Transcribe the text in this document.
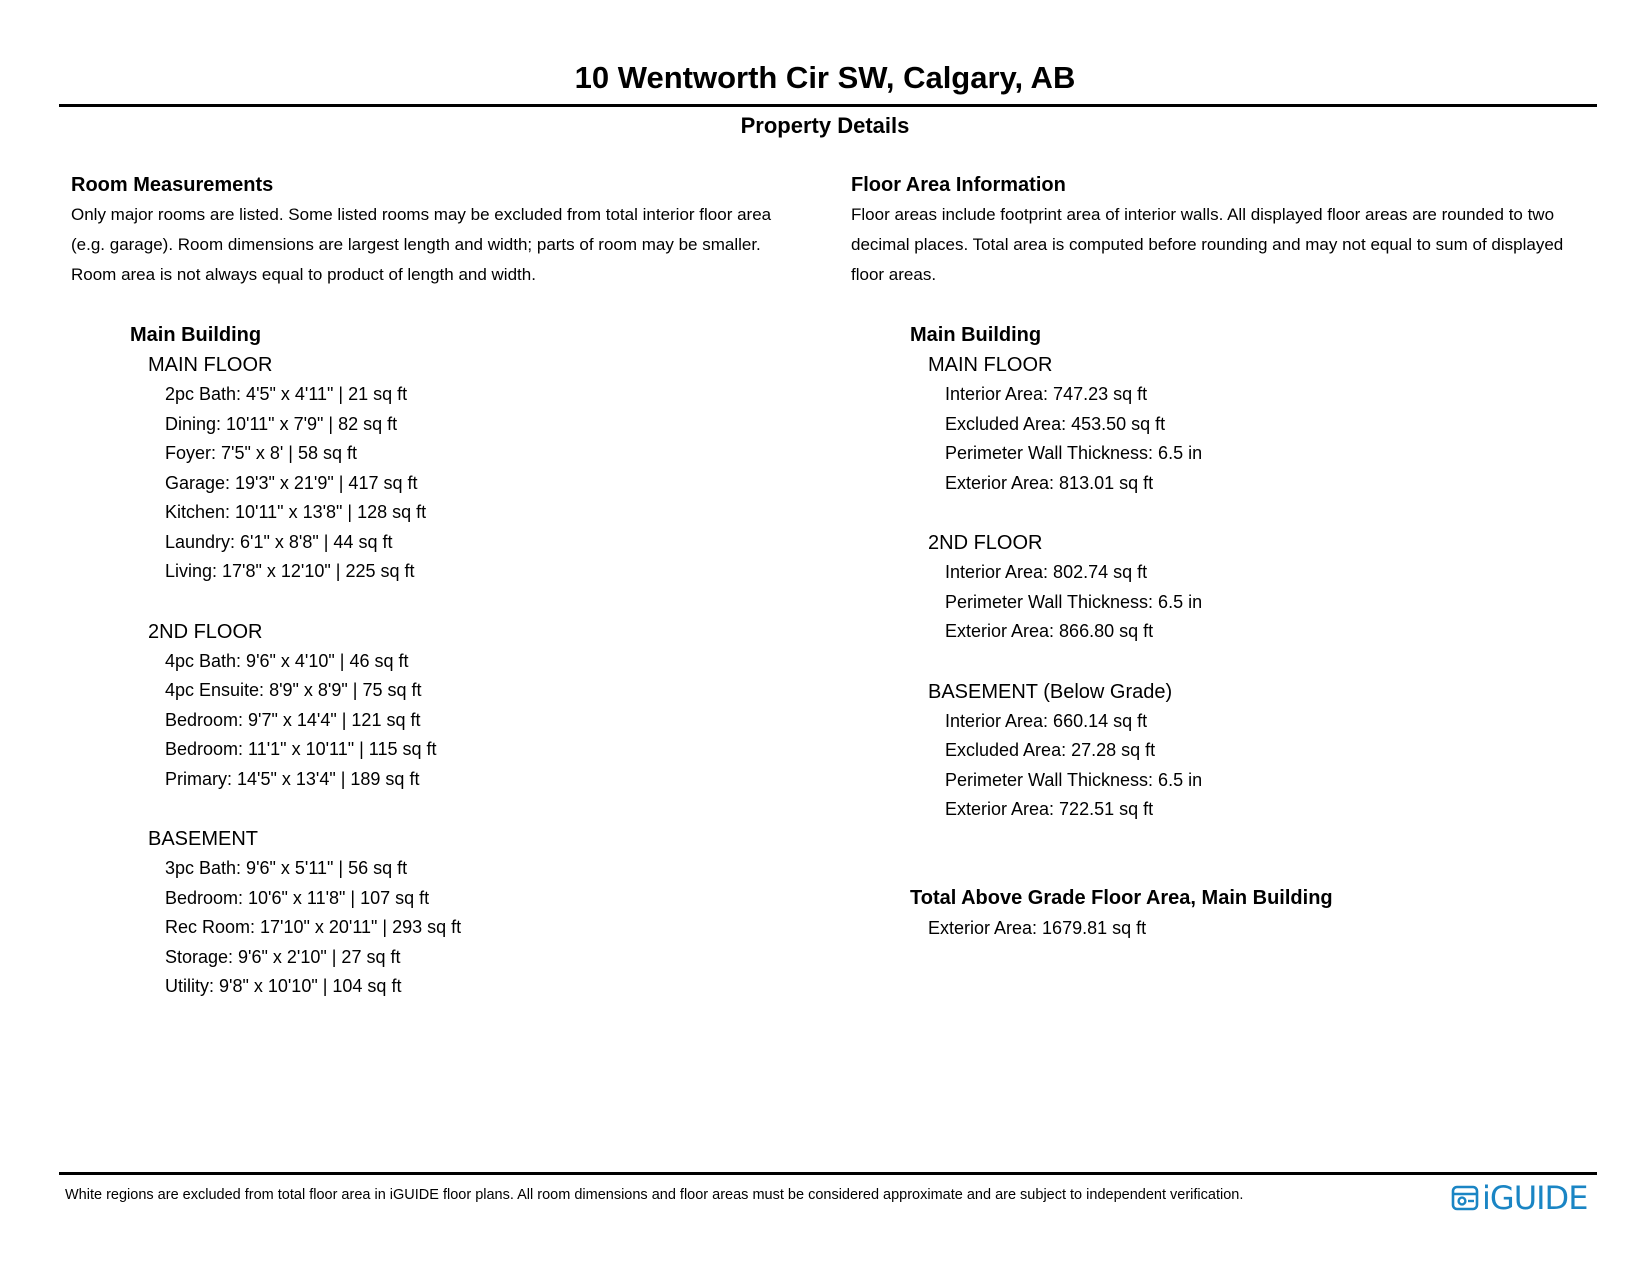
10 Wentworth Cir SW, Calgary, AB
Property Details
Room Measurements
Only major rooms are listed. Some listed rooms may be excluded from total interior floor area
(e.g. garage). Room dimensions are largest length and width; parts of room may be smaller.
Room area is not always equal to product of length and width.
Main Building
MAIN FLOOR
2pc Bath: 4'5" x 4'11" | 21 sq ft
Dining: 10'11" x 7'9" | 82 sq ft
Foyer: 7'5" x 8' | 58 sq ft
Garage: 19'3" x 21'9" | 417 sq ft
Kitchen: 10'11" x 13'8" | 128 sq ft
Laundry: 6'1" x 8'8" | 44 sq ft
Living: 17'8" x 12'10" | 225 sq ft
2ND FLOOR
4pc Bath: 9'6" x 4'10" | 46 sq ft
4pc Ensuite: 8'9" x 8'9" | 75 sq ft
Bedroom: 9'7" x 14'4" | 121 sq ft
Bedroom: 11'1" x 10'11" | 115 sq ft
Primary: 14'5" x 13'4" | 189 sq ft
BASEMENT
3pc Bath: 9'6" x 5'11" | 56 sq ft
Bedroom: 10'6" x 11'8" | 107 sq ft
Rec Room: 17'10" x 20'11" | 293 sq ft
Storage: 9'6" x 2'10" | 27 sq ft
Utility: 9'8" x 10'10" | 104 sq ft
Floor Area Information
Floor areas include footprint area of interior walls. All displayed floor areas are rounded to two
decimal places. Total area is computed before rounding and may not equal to sum of displayed
floor areas.
Main Building
MAIN FLOOR
Interior Area: 747.23 sq ft
Excluded Area: 453.50 sq ft
Perimeter Wall Thickness: 6.5 in
Exterior Area: 813.01 sq ft
2ND FLOOR
Interior Area: 802.74 sq ft
Perimeter Wall Thickness: 6.5 in
Exterior Area: 866.80 sq ft
BASEMENT (Below Grade)
Interior Area: 660.14 sq ft
Excluded Area: 27.28 sq ft
Perimeter Wall Thickness: 6.5 in
Exterior Area: 722.51 sq ft
Total Above Grade Floor Area, Main Building
Exterior Area: 1679.81 sq ft
White regions are excluded from total floor area in iGUIDE floor plans. All room dimensions and floor areas must be considered approximate and are subject to independent verification.	iGUIDE
